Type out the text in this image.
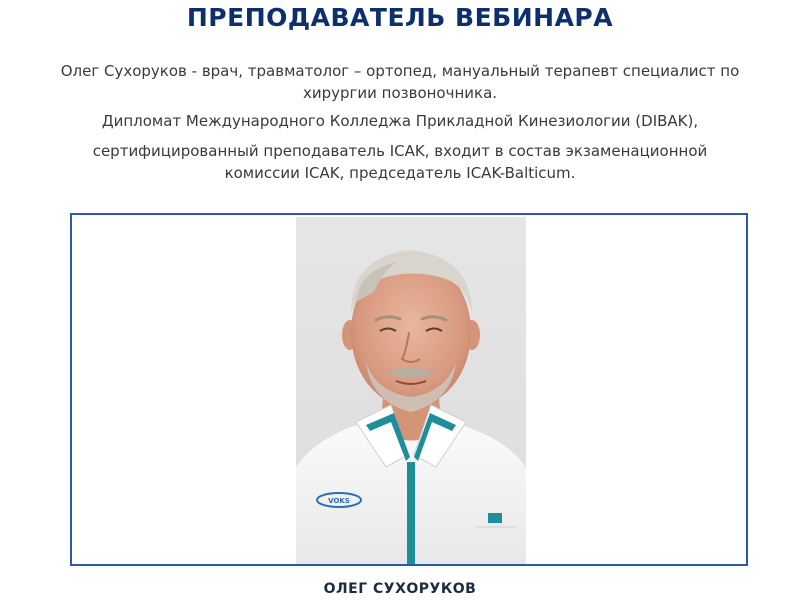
ПРЕПОДАВАТЕЛЬ ВЕБИНАРА
Олег Сухоруков - врач, травматолог – ортопед, мануальный терапевт специалист по хирургии позвоночника.
Дипломат Международного Колледжа Прикладной Кинезиологии (DIBAK),
сертифицированный преподаватель ICAK, входит в состав экзаменационной комиссии ICAK, председатель ICAK-Balticum.
VOKS
ОЛЕГ СУХОРУКОВ
